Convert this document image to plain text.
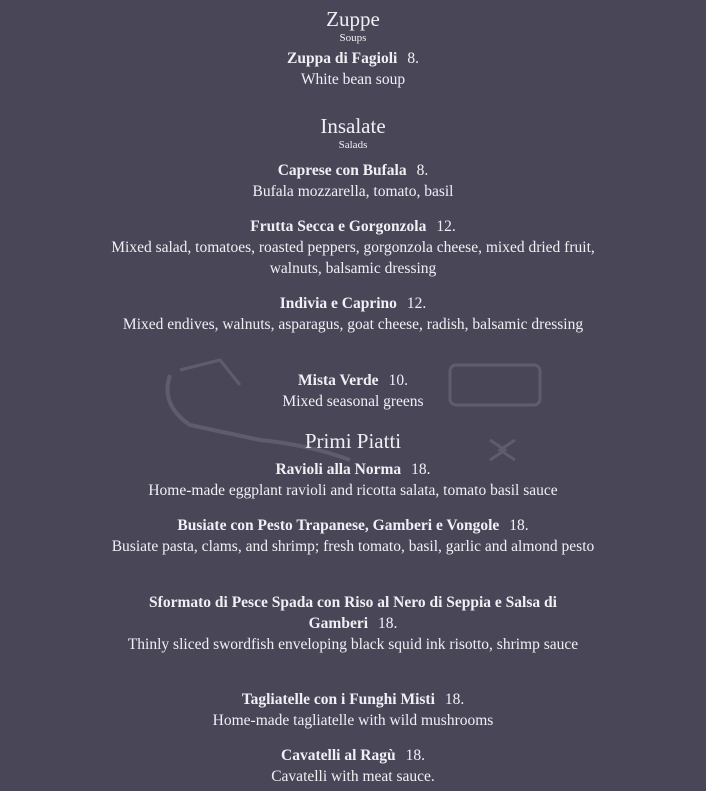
Zuppe
Soups
Zuppa di Fagioli 8.
White bean soup
Insalate
Salads
Caprese con Bufala 8.
Bufala mozzarella, tomato, basil
Frutta Secca e Gorgonzola 12.
Mixed salad, tomatoes, roasted peppers, gorgonzola cheese, mixed dried fruit, walnuts, balsamic dressing
Indivia e Caprino 12.
Mixed endives, walnuts, asparagus, goat cheese, radish, balsamic dressing
Mista Verde 10.
Mixed seasonal greens
Primi Piatti
Ravioli alla Norma 18.
Home-made eggplant ravioli and ricotta salata, tomato basil sauce
Busiate con Pesto Trapanese, Gamberi e Vongole 18.
Busiate pasta, clams, and shrimp; fresh tomato, basil, garlic and almond pesto
Sformato di Pesce Spada con Riso al Nero di Seppia e Salsa di Gamberi 18.
Thinly sliced swordfish enveloping black squid ink risotto, shrimp sauce
Tagliatelle con i Funghi Misti 18.
Home-made tagliatelle with wild mushrooms
Cavatelli al Ragù 18.
Cavatelli with meat sauce.
